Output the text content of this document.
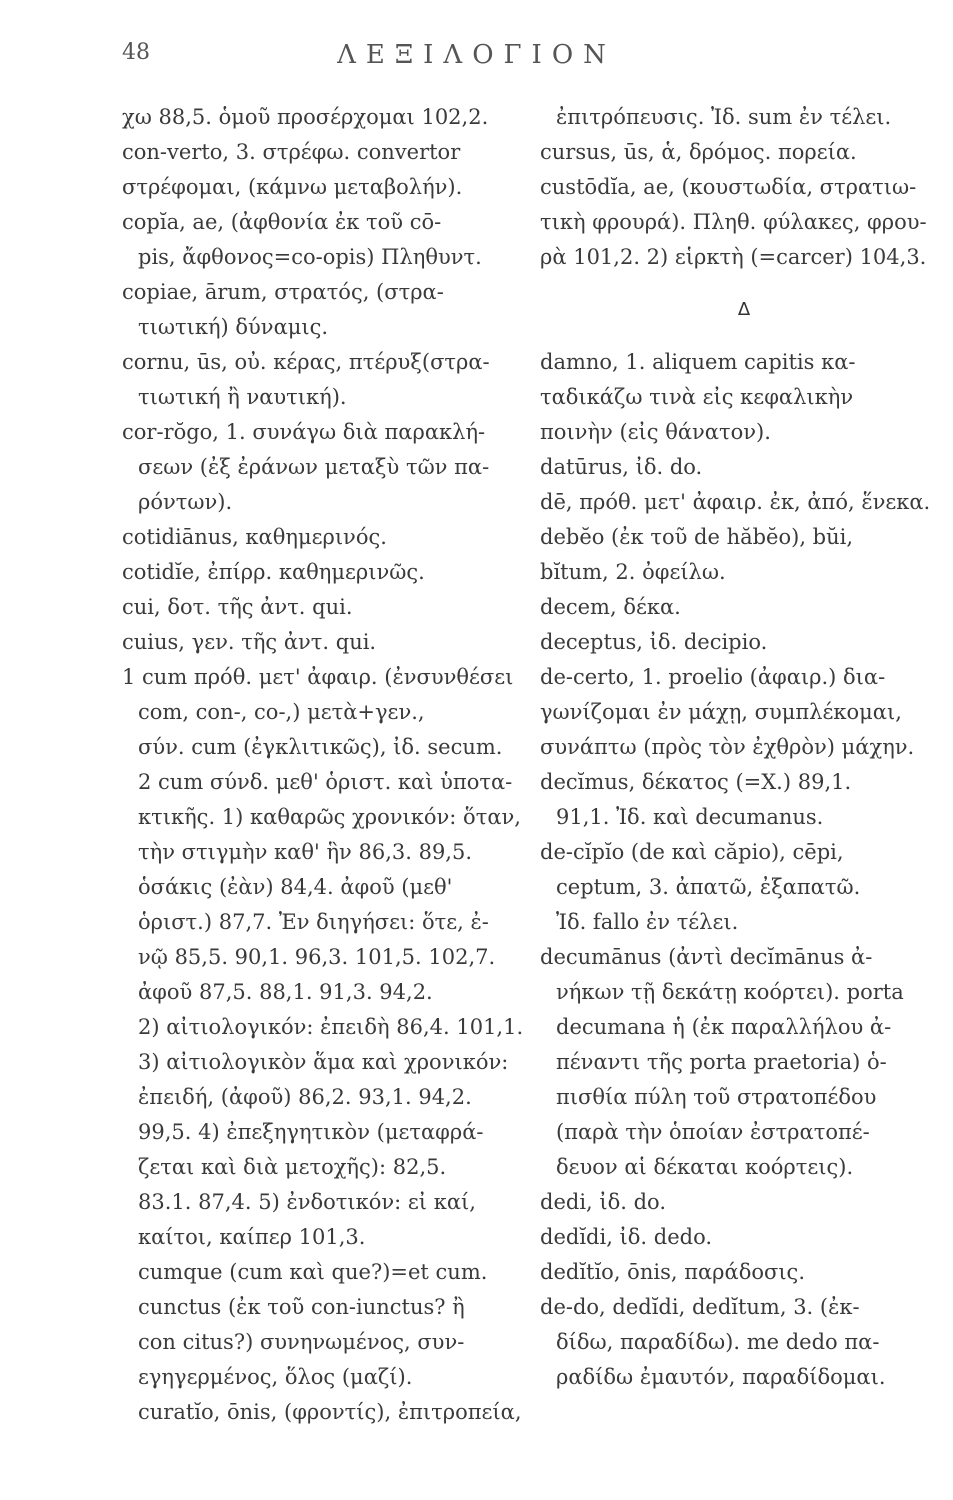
48	ΛΕΞΙΛΟΓΙΟΝ
χω 88,5. ὁμοῦ προσέρχομαι 102,2.
con-verto, 3. στρέφω. convertor
στρέφομαι, (κάμνω μεταβολήν).
copĭa, ae, (ἀφθονία ἐκ τοῦ cō-
pis, ἄφθονος=co-opis) Πληθυντ.
copiae, ārum, στρατός, (στρα-
τιωτική) δύναμις.
cornu, ūs, οὐ. κέρας, πτέρυξ(στρα-
τιωτική ἢ ναυτική).
cor-rŏgo, 1. συνάγω διὰ παρακλή-
σεων (ἐξ ἐράνων μεταξὺ τῶν πα-
ρόντων).
cotidiānus, καθημερινός.
cotidĭe, ἐπίρρ. καθημερινῶς.
cui, δοτ. τῆς ἀντ. qui.
cuius, γεν. τῆς ἀντ. qui.
1 cum πρόθ. μετ' ἀφαιρ. (ἐνσυνθέσει
com, con-, co-,) μετὰ+γεν.,
σύν. cum (ἐγκλιτικῶς), ἰδ. secum.
2 cum σύνδ. μεθ' ὁριστ. καὶ ὑποτα-
κτικῆς. 1) καθαρῶς χρονικόν: ὅταν,
τὴν στιγμὴν καθ' ἣν 86,3. 89,5.
ὁσάκις (ἐὰν) 84,4. ἀφοῦ (μεθ'
ὁριστ.) 87,7. Ἐν διηγήσει: ὅτε, ἐ-
νῷ 85,5. 90,1. 96,3. 101,5. 102,7.
ἀφοῦ 87,5. 88,1. 91,3. 94,2.
2) αἰτιολογικόν: ἐπειδὴ 86,4. 101,1.
3) αἰτιολογικὸν ἅμα καὶ χρονικόν:
ἐπειδή, (ἀφοῦ) 86,2. 93,1. 94,2.
99,5. 4) ἐπεξηγητικὸν (μεταφρά-
ζεται καὶ διὰ μετοχῆς): 82,5.
83.1. 87,4. 5) ἐνδοτικόν: εἰ καί,
καίτοι, καίπερ 101,3.
cumque (cum καὶ que?)=et cum.
cunctus (ἐκ τοῦ con-iunctus? ἢ
con citus?) συνηνωμένος, συν-
εγηγερμένος, ὅλος (μαζί).
curatĭo, ōnis, (φροντίς), ἐπιτροπεία,
ἐπιτρόπευσις. Ἰδ. sum ἐν τέλει.
cursus, ūs, ἁ, δρόμος. πορεία.
custōdĭa, ae, (κουστωδία, στρατιω-
τικὴ φρουρά). Πληθ. φύλακες, φρου-
ρὰ 101,2. 2) εἱρκτὴ (=carcer) 104,3.
Δ
damno, 1. aliquem capitis κα-
ταδικάζω τινὰ εἰς κεφαλικὴν
ποινὴν (εἰς θάνατον).
datūrus, ἰδ. do.
dē, πρόθ. μετ' ἀφαιρ. ἐκ, ἀπό, ἕνεκα.
debĕo (ἐκ τοῦ de hăbĕo), bŭi,
bĭtum, 2. ὀφείλω.
decem, δέκα.
deceptus, ἰδ. decipio.
de-certo, 1. proelio (ἀφαιρ.) δια-
γωνίζομαι ἐν μάχῃ, συμπλέκομαι,
συνάπτω (πρὸς τὸν ἐχθρὸν) μάχην.
decĭmus, δέκατος (=X.) 89,1.
91,1. Ἰδ. καὶ decumanus.
de-cĭpĭo (de καὶ căpio), cēpi,
ceptum, 3. ἀπατῶ, ἐξαπατῶ.
Ἰδ. fallo ἐν τέλει.
decumānus (ἀντὶ decĭmānus ἀ-
νήκων τῇ δεκάτῃ κοόρτει). porta
decumana ἡ (ἐκ παραλλήλου ἀ-
πέναντι τῆς porta praetoria) ὁ-
πισθία πύλη τοῦ στρατοπέδου
(παρὰ τὴν ὁποίαν ἐστρατοπέ-
δευον αἱ δέκαται κοόρτεις).
dedi, ἰδ. do.
dedĭdi, ἰδ. dedo.
dedĭtĭo, ōnis, παράδοσις.
de-do, dedĭdi, dedĭtum, 3. (ἐκ-
δίδω, παραδίδω). me dedo πα-
ραδίδω ἐμαυτόν, παραδίδομαι.
